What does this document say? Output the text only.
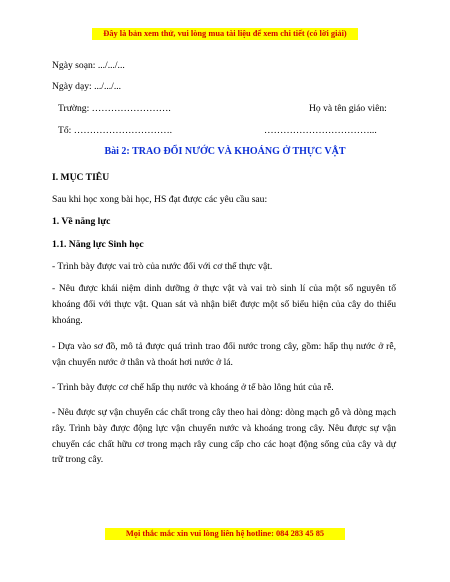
Đây là bản xem thử, vui lòng mua tài liệu để xem chi tiết (có lời giải)
Ngày soạn: .../.../...
Ngày dạy: .../.../...
Trường: …………………….	Họ và tên giáo viên:
Tổ: ………………………….	……………………………...
Bài 2: TRAO ĐỔI NƯỚC VÀ KHOÁNG Ở THỰC VẬT
I. MỤC TIÊU
Sau khi học xong bài học, HS đạt được các yêu cầu sau:
1. Về năng lực
1.1. Năng lực Sinh học
- Trình bày được vai trò của nước đối với cơ thể thực vật.
- Nêu được khái niệm dinh dưỡng ở thực vật và vai trò sinh lí của một số nguyên tố khoáng đối với thực vật. Quan sát và nhận biết được một số biểu hiện của cây do thiếu khoáng.
- Dựa vào sơ đồ, mô tả được quá trình trao đổi nước trong cây, gồm: hấp thụ nước ở rễ, vận chuyển nước ở thân và thoát hơi nước ở lá.
- Trình bày được cơ chế hấp thụ nước và khoáng ở tế bào lông hút của rễ.
- Nêu được sự vận chuyển các chất trong cây theo hai dòng: dòng mạch gỗ và dòng mạch rây. Trình bày được động lực vận chuyển nước và khoáng trong cây. Nêu được sự vận chuyển các chất hữu cơ trong mạch rây cung cấp cho các hoạt động sống của cây và dự trữ trong cây.
Mọi thắc mắc xin vui lòng liên hệ hotline: 084 283 45 85
